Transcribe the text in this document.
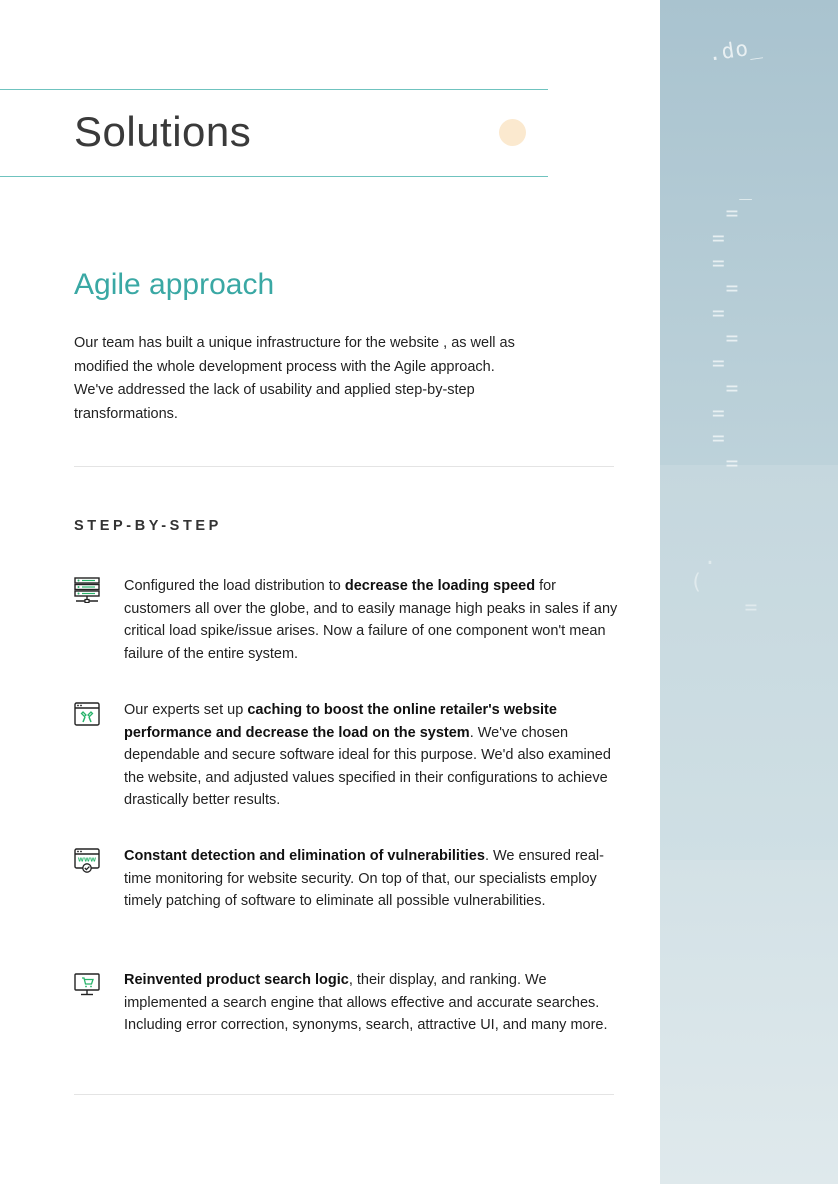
.do_
_
=
=
=
=
=
=
=
=
=
=
=

.
(
=

Solutions
Agile approach

Our team has built a unique infrastructure for the website , as well as
modified the whole development process with the Agile approach.
We've addressed the lack of usability and applied step-by-step
transformations.

STEP-BY-STEP

Configured the load distribution to decrease the loading speed for customers all over the globe, and to easily manage high peaks in sales if any critical load spike/issue arises. Now a failure of one component won't mean failure of the entire system.

Our experts set up caching to boost the online retailer's website performance and decrease the load on the system. We've chosen dependable and secure software ideal for this purpose. We'd also examined the website, and adjusted values specified in their configurations to achieve drastically better results.

WWW Constant detection and elimination of vulnerabilities. We ensured real-time monitoring for website security. On top of that, our specialists employ timely patching of software to eliminate all possible vulnerabilities.

Reinvented product search logic, their display, and ranking. We implemented a search engine that allows effective and accurate searches. Including error correction, synonyms, search, attractive UI, and many more.
